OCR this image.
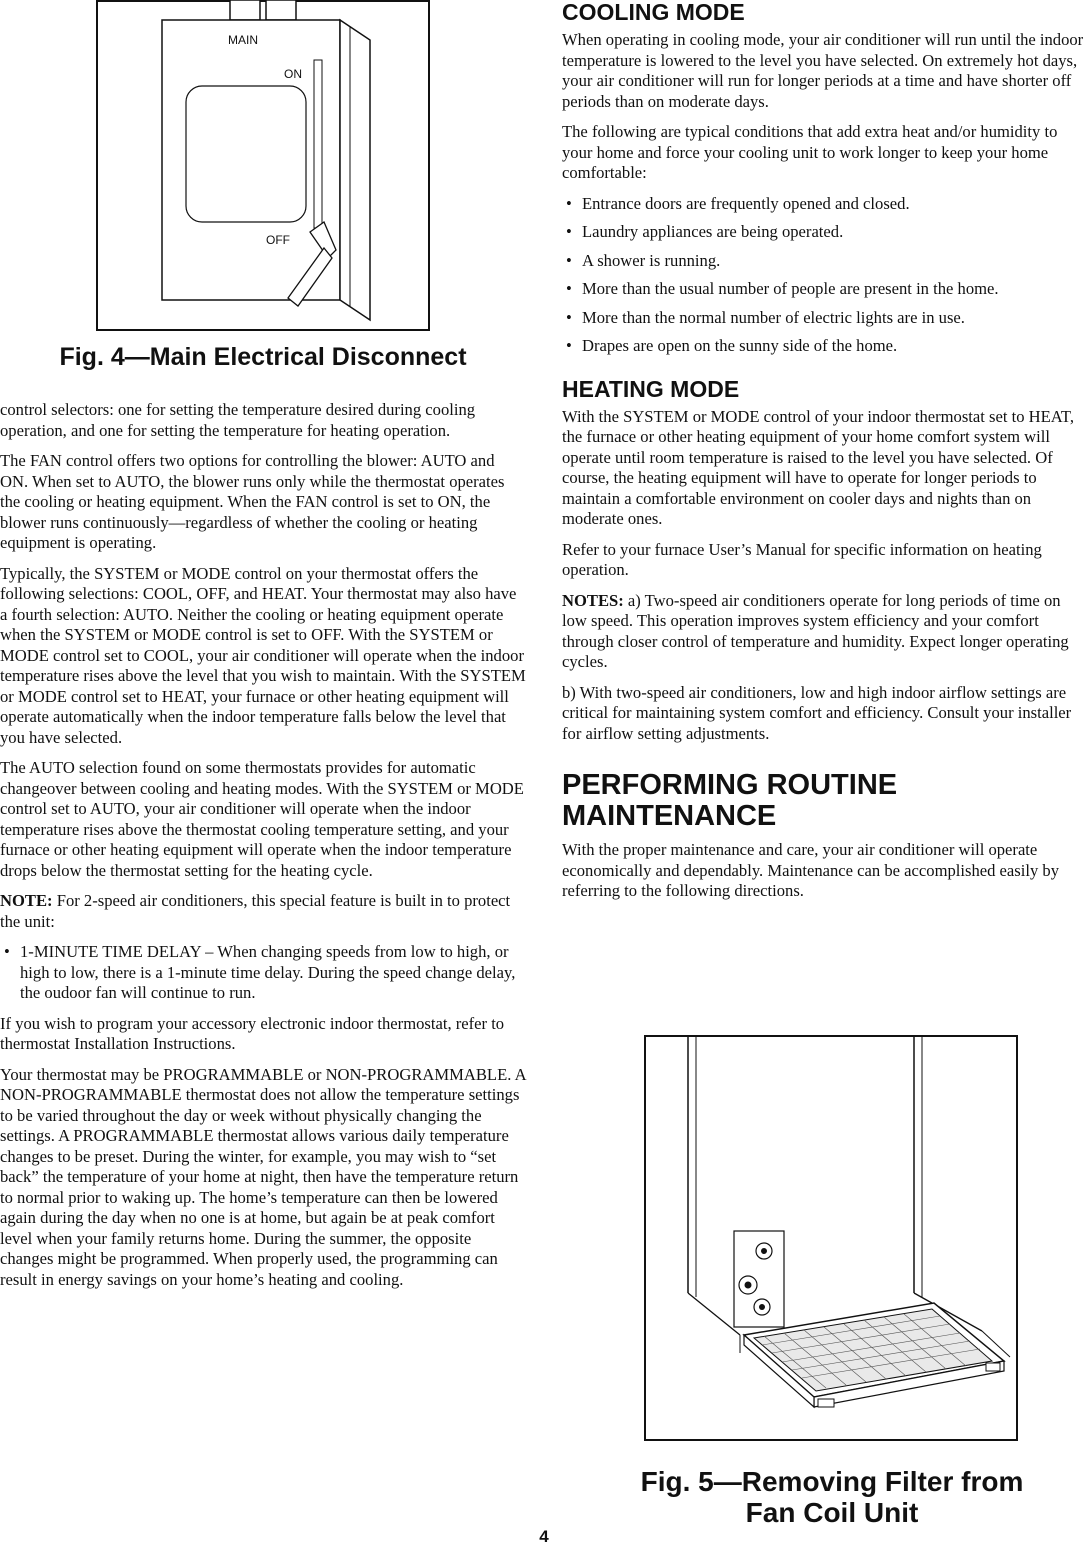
MAIN
ON
OFF
Fig. 4—Main Electrical Disconnect

control selectors: one for setting the temperature desired during cooling operation, and one for setting the temperature for heating operation.

The FAN control offers two options for controlling the blower: AUTO and ON. When set to AUTO, the blower runs only while the thermostat operates the cooling or heating equipment. When the FAN control is set to ON, the blower runs continuously—regardless of whether the cooling or heating equipment is operating.

Typically, the SYSTEM or MODE control on your thermostat offers the following selections: COOL, OFF, and HEAT. Your thermostat may also have a fourth selection: AUTO. Neither the cooling or heating equipment operate when the SYSTEM or MODE control is set to OFF. With the SYSTEM or MODE control set to COOL, your air conditioner will operate when the indoor temperature rises above the level that you wish to maintain. With the SYSTEM or MODE control set to HEAT, your furnace or other heating equipment will operate automatically when the indoor temperature falls below the level that you have selected.

The AUTO selection found on some thermostats provides for automatic changeover between cooling and heating modes. With the SYSTEM or MODE control set to AUTO, your air conditioner will operate when the indoor temperature rises above the thermostat cooling temperature setting, and your furnace or other heating equipment will operate when the indoor temperature drops below the thermostat setting for the heating cycle.

NOTE: For 2-speed air conditioners, this special feature is built in to protect the unit:

• 1-MINUTE TIME DELAY – When changing speeds from low to high, or high to low, there is a 1-minute time delay. During the speed change delay, the oudoor fan will continue to run.

If you wish to program your accessory electronic indoor thermostat, refer to thermostat Installation Instructions.

Your thermostat may be PROGRAMMABLE or NON-PROGRAMMABLE. A NON-PROGRAMMABLE thermostat does not allow the temperature settings to be varied throughout the day or week without physically changing the settings. A PROGRAMMABLE thermostat allows various daily temperature changes to be preset. During the winter, for example, you may wish to “set back” the temperature of your home at night, then have the temperature return to normal prior to waking up. The home’s temperature can then be lowered again during the day when no one is at home, but again be at peak comfort level when your family returns home. During the summer, the opposite changes might be programmed. When properly used, the programming can result in energy savings on your home’s heating and cooling.

COOLING MODE

When operating in cooling mode, your air conditioner will run until the indoor temperature is lowered to the level you have selected. On extremely hot days, your air conditioner will run for longer periods at a time and have shorter off periods than on moderate days.

The following are typical conditions that add extra heat and/or humidity to your home and force your cooling unit to work longer to keep your home comfortable:

• Entrance doors are frequently opened and closed.
• Laundry appliances are being operated.
• A shower is running.
• More than the usual number of people are present in the home.
• More than the normal number of electric lights are in use.
• Drapes are open on the sunny side of the home.
HEATING MODE

With the SYSTEM or MODE control of your indoor thermostat set to HEAT, the furnace or other heating equipment of your home comfort system will operate until room temperature is raised to the level you have selected. Of course, the heating equipment will have to operate for longer periods to maintain a comfortable environment on cooler days and nights than on moderate ones.

Refer to your furnace User’s Manual for specific information on heating operation.

NOTES: a) Two-speed air conditioners operate for long periods of time on low speed. This operation improves system efficiency and your comfort through closer control of temperature and humidity. Expect longer operating cycles.

b) With two-speed air conditioners, low and high indoor airflow settings are critical for maintaining system comfort and efficiency. Consult your installer for airflow setting adjustments.

PERFORMING ROUTINE
MAINTENANCE

With the proper maintenance and care, your air conditioner will operate economically and dependably. Maintenance can be accomplished easily by referring to the following directions.

Fig. 5—Removing Filter from
Fan Coil Unit
4
